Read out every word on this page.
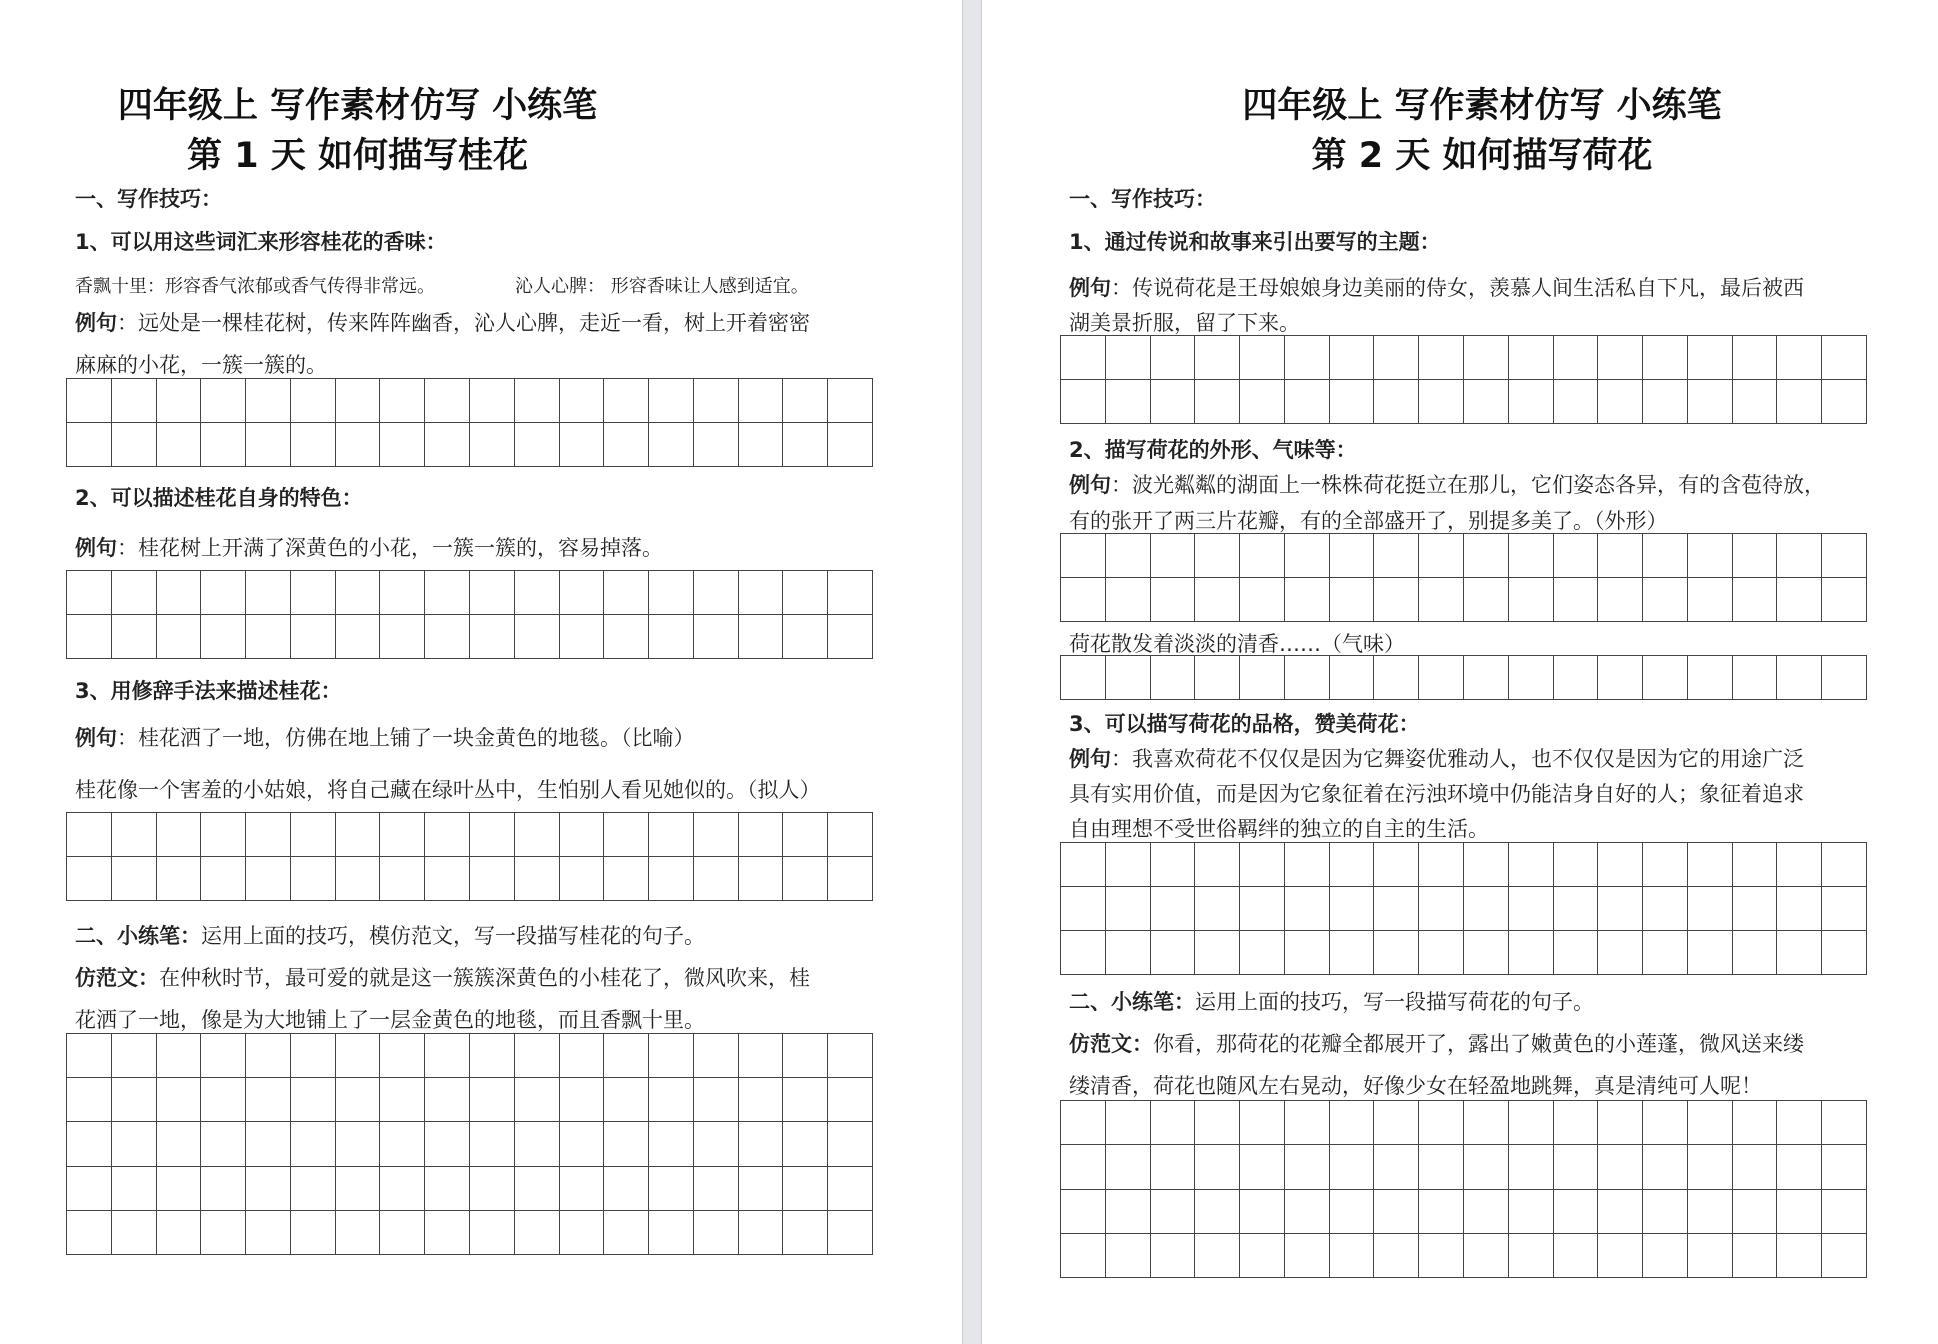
四年级上 写作素材仿写 小练笔
第 1 天 如何描写桂花
一、写作技巧：
1、可以用这些词汇来形容桂花的香味：
香飘十里：形容香气浓郁或香气传得非常远。	沁人心脾： 形容香味让人感到适宜。
例句：远处是一棵桂花树，传来阵阵幽香，沁人心脾，走近一看，树上开着密密
麻麻的小花，一簇一簇的。
2、可以描述桂花自身的特色：
例句：桂花树上开满了深黄色的小花，一簇一簇的，容易掉落。
3、用修辞手法来描述桂花：
例句：桂花洒了一地，仿佛在地上铺了一块金黄色的地毯。（比喻）
桂花像一个害羞的小姑娘，将自己藏在绿叶丛中，生怕别人看见她似的。（拟人）
二、小练笔：运用上面的技巧，模仿范文，写一段描写桂花的句子。
仿范文：在仲秋时节，最可爱的就是这一簇簇深黄色的小桂花了，微风吹来，桂
花洒了一地，像是为大地铺上了一层金黄色的地毯，而且香飘十里。
四年级上 写作素材仿写 小练笔
第 2 天 如何描写荷花
一、写作技巧：
1、通过传说和故事来引出要写的主题：
例句：传说荷花是王母娘娘身边美丽的侍女，羡慕人间生活私自下凡，最后被西
湖美景折服，留了下来。
2、描写荷花的外形、气味等：
例句：波光粼粼的湖面上一株株荷花挺立在那儿，它们姿态各异，有的含苞待放，
有的张开了两三片花瓣，有的全部盛开了，别提多美了。（外形）
荷花散发着淡淡的清香……（气味）
3、可以描写荷花的品格，赞美荷花：
例句：我喜欢荷花不仅仅是因为它舞姿优雅动人，也不仅仅是因为它的用途广泛
具有实用价值，而是因为它象征着在污浊环境中仍能洁身自好的人；象征着追求
自由理想不受世俗羁绊的独立的自主的生活。
二、小练笔：运用上面的技巧，写一段描写荷花的句子。
仿范文：你看，那荷花的花瓣全都展开了，露出了嫩黄色的小莲蓬，微风送来缕
缕清香，荷花也随风左右晃动，好像少女在轻盈地跳舞，真是清纯可人呢！
